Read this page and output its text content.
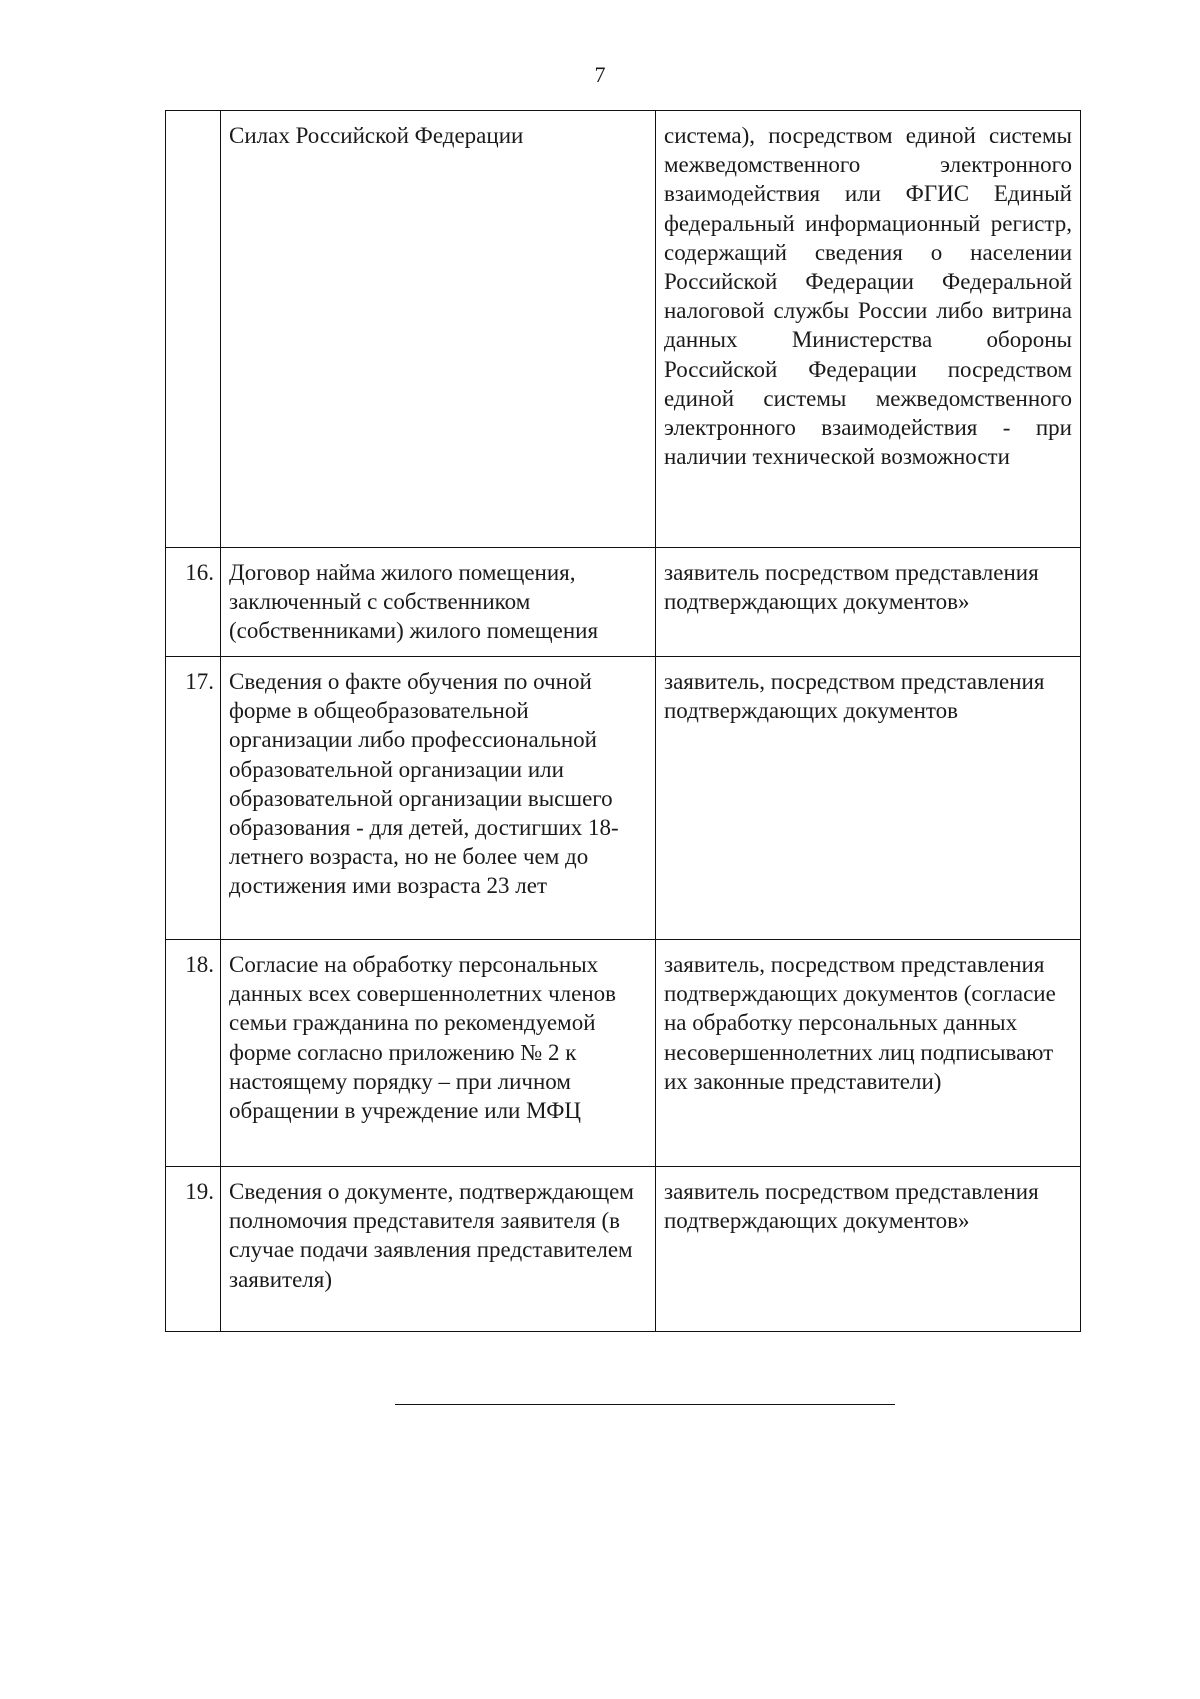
7
	Силах Российской Федерации	система), посредством единой системы межведомственного электронного взаимодействия или ФГИС Единый федеральный информационный регистр, содержащий сведения о населении Российской Федерации Федеральной налоговой службы России либо витрина данных Министерства обороны Российской Федерации посредством единой системы межведомственного электронного взаимодействия - при наличии технической возможности
16.	Договор найма жилого помещения, заключенный с собственником (собственниками) жилого помещения	заявитель посредством представления подтверждающих документов»
17.	Сведения о факте обучения по очной форме в общеобразовательной организации либо профессиональной образовательной организации или образовательной организации высшего образования - для детей, достигших 18-летнего возраста, но не более чем до достижения ими возраста 23 лет	заявитель, посредством представления подтверждающих документов
18.	Согласие на обработку персональных данных всех совершеннолетних членов семьи гражданина по рекомендуемой форме согласно приложению № 2 к настоящему порядку – при личном обращении в учреждение или МФЦ	заявитель, посредством представления подтверждающих документов (согласие на обработку персональных данных несовершеннолетних лиц подписывают их законные представители)
19.	Сведения о документе, подтверждающем полномочия представителя заявителя (в случае подачи заявления представителем заявителя)	заявитель посредством представления подтверждающих документов»
